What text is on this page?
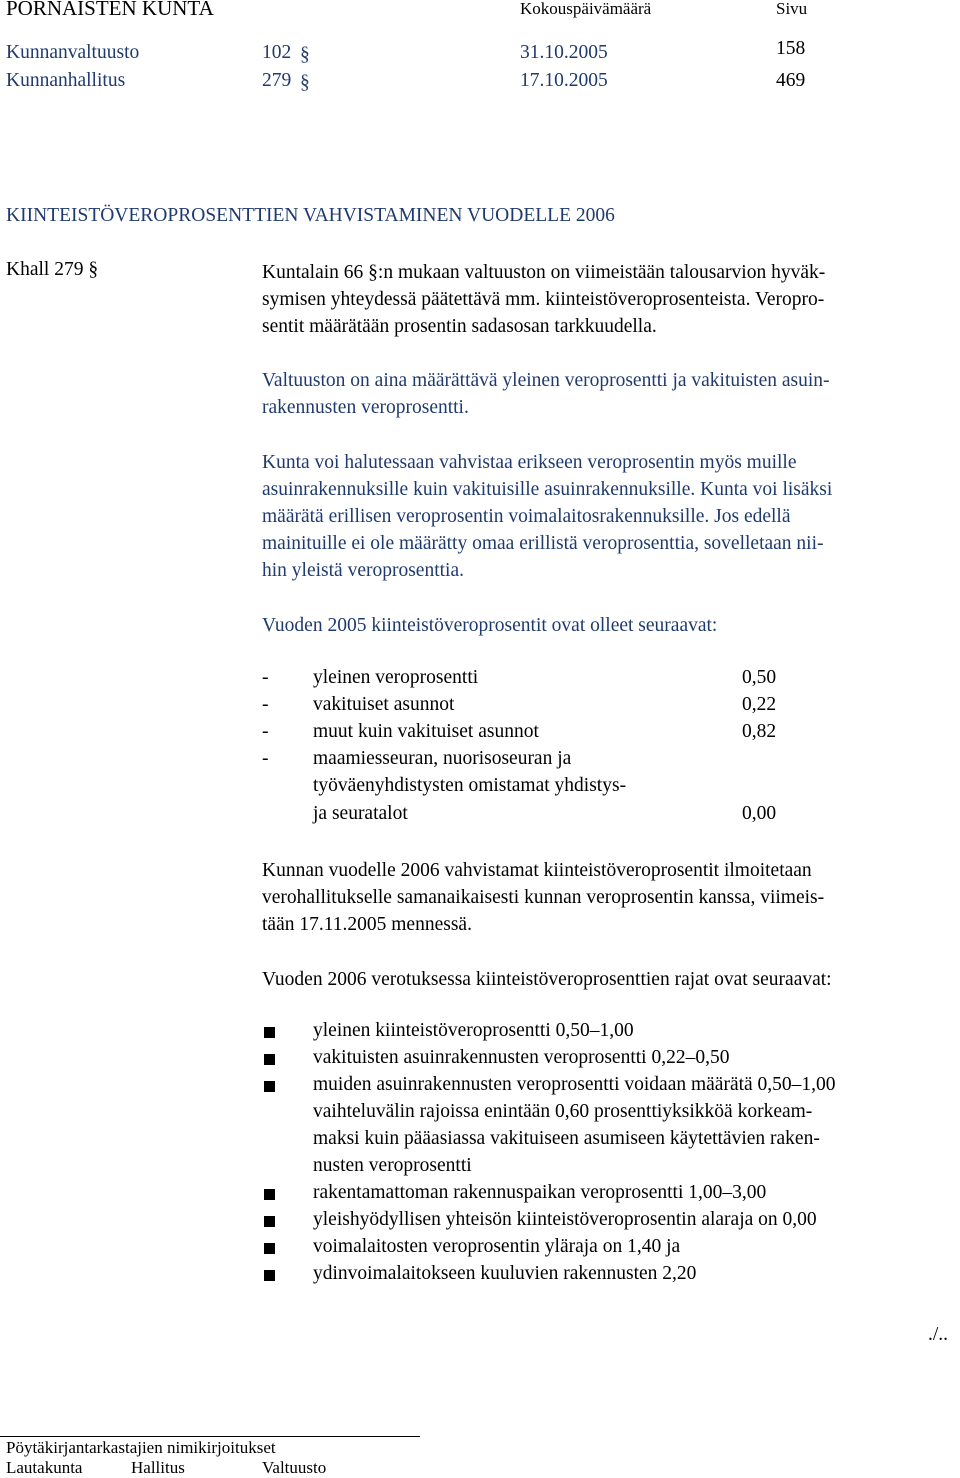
PORNAISTEN KUNTA	Kokouspäivämäärä	Sivu
Kunnanvaltuusto	102 §	31.10.2005	158
Kunnanhallitus	279 §	17.10.2005	469
KIINTEISTÖVEROPROSENTTIEN VAHVISTAMINEN VUODELLE 2006
Khall 279 §	Kuntalain 66 §:n mukaan valtuuston on viimeistään talousarvion hyväk-
symisen yhteydessä päätettävä mm. kiinteistöveroprosenteista. Veropro-
sentit määrätään prosentin sadasosan tarkkuudella.
Valtuuston on aina määrättävä yleinen veroprosentti ja vakituisten asuin-
rakennusten veroprosentti.
Kunta voi halutessaan vahvistaa erikseen veroprosentin myös muille
asuinrakennuksille kuin vakituisille asuinrakennuksille. Kunta voi lisäksi
määrätä erillisen veroprosentin voimalaitosrakennuksille. Jos edellä
mainituille ei ole määrätty omaa erillistä veroprosenttia, sovelletaan nii-
hin yleistä veroprosenttia.
Vuoden 2005 kiinteistöveroprosentit ovat olleet seuraavat:
- yleinen veroprosentti	0,50
- vakituiset asunnot	0,22
- muut kuin vakituiset asunnot	0,82
- maamiesseuran, nuorisoseuran ja
työväenyhdistysten omistamat yhdistys-
ja seuratalot	0,00
Kunnan vuodelle 2006 vahvistamat kiinteistöveroprosentit ilmoitetaan
verohallitukselle samanaikaisesti kunnan veroprosentin kanssa, viimeis-
tään 17.11.2005 mennessä.
Vuoden 2006 verotuksessa kiinteistöveroprosenttien rajat ovat seuraavat:
yleinen kiinteistöveroprosentti 0,50–1,00
vakituisten asuinrakennusten veroprosentti 0,22–0,50
muiden asuinrakennusten veroprosentti voidaan määrätä 0,50–1,00
vaihteluvälin rajoissa enintään 0,60 prosenttiyksikköä korkeam-
maksi kuin pääasiassa vakituiseen asumiseen käytettävien raken-
nusten veroprosentti
rakentamattoman rakennuspaikan veroprosentti 1,00–3,00
yleishyödyllisen yhteisön kiinteistöveroprosentin alaraja on 0,00
voimalaitosten veroprosentin yläraja on 1,40 ja
ydinvoimalaitokseen kuuluvien rakennusten 2,20
./..
Pöytäkirjantarkastajien nimikirjoitukset
Lautakunta	Hallitus	Valtuusto
